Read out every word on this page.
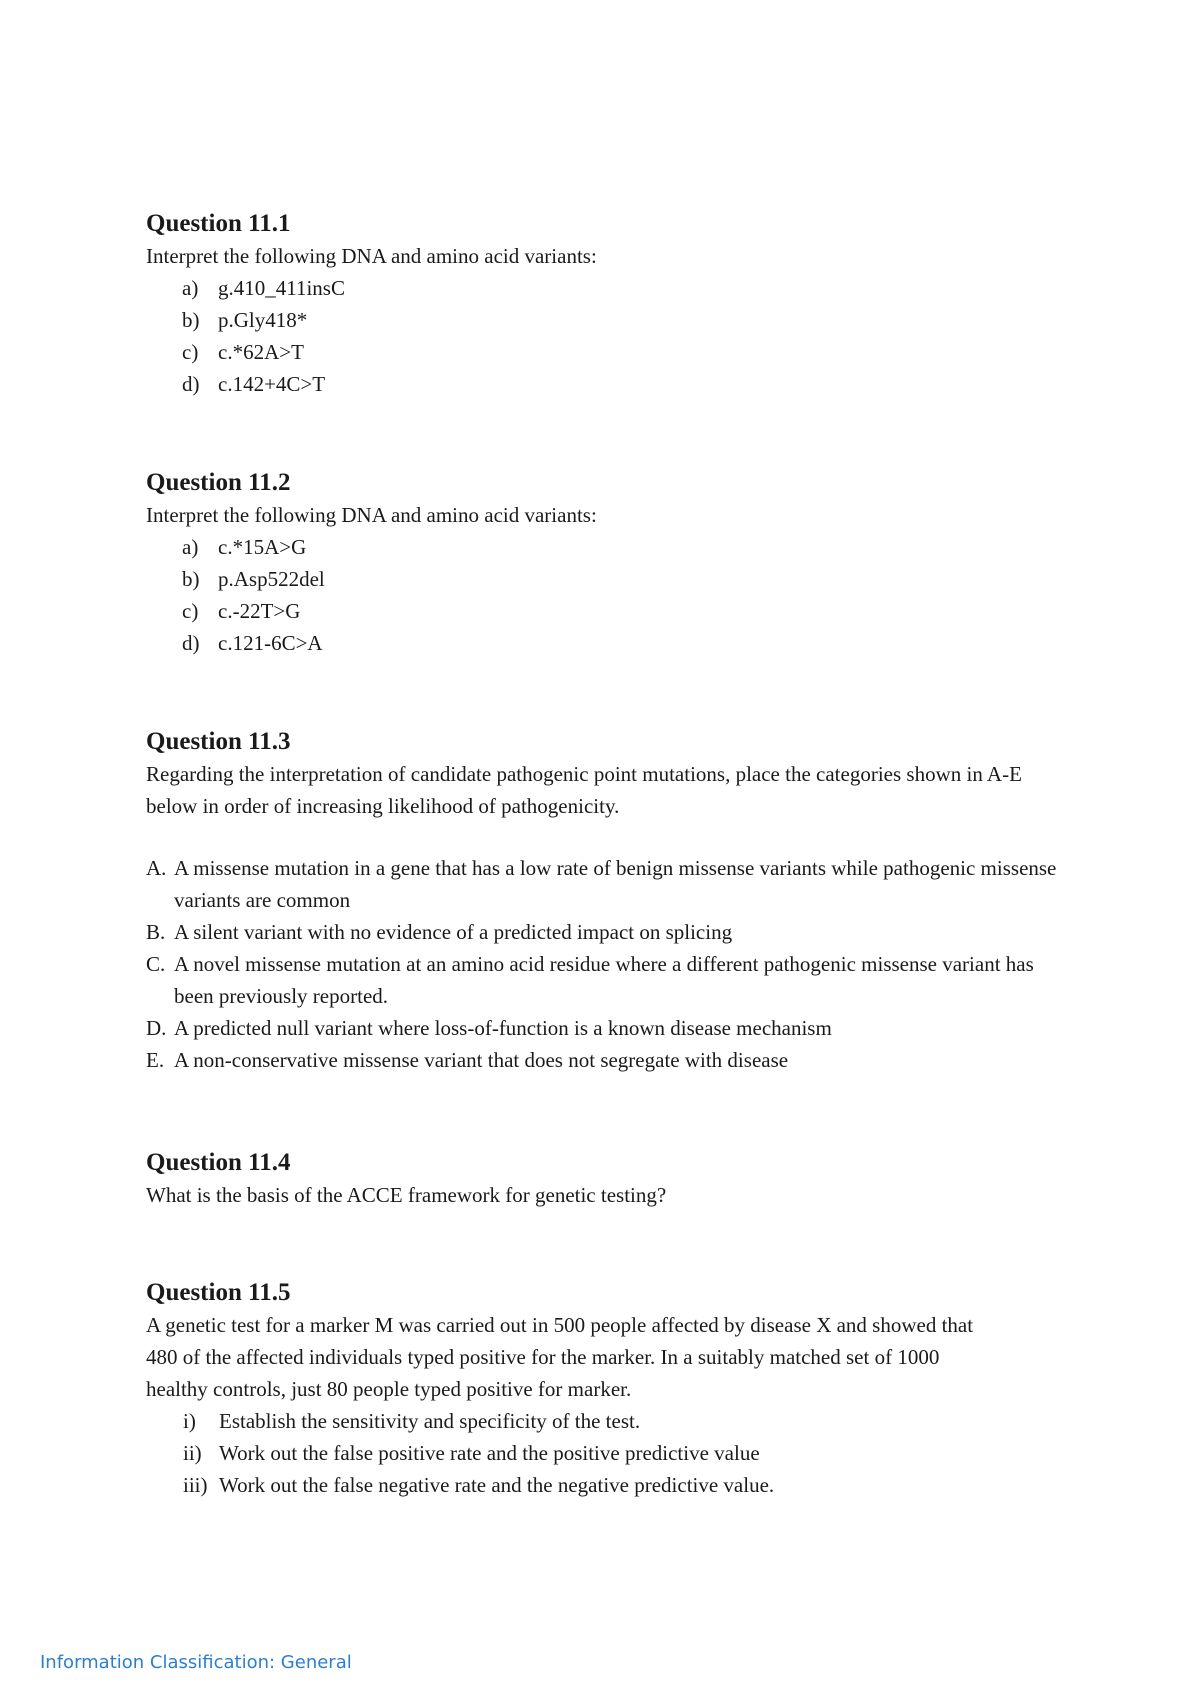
Question 11.1

Interpret the following DNA and amino acid variants:

a) g.410_411insC
b) p.Gly418*
c) c.*62A>T
d) c.142+4C>T
Question 11.2

Interpret the following DNA and amino acid variants:

a) c.*15A>G
b) p.Asp522del
c) c.-22T>G
d) c.121-6C>A
Question 11.3

Regarding the interpretation of candidate pathogenic point mutations, place the categories shown in A-E below in order of increasing likelihood of pathogenicity.

A. A missense mutation in a gene that has a low rate of benign missense variants while pathogenic missense variants are common
B. A silent variant with no evidence of a predicted impact on splicing
C. A novel missense mutation at an amino acid residue where a different pathogenic missense variant has been previously reported.
D. A predicted null variant where loss-of-function is a known disease mechanism
E. A non-conservative missense variant that does not segregate with disease
Question 11.4

What is the basis of the ACCE framework for genetic testing?

Question 11.5

A genetic test for a marker M was carried out in 500 people affected by disease X and showed that 480 of the affected individuals typed positive for the marker. In a suitably matched set of 1000 healthy controls, just 80 people typed positive for marker.

i) Establish the sensitivity and specificity of the test.
ii) Work out the false positive rate and the positive predictive value
iii) Work out the false negative rate and the negative predictive value.
Information Classification: General
